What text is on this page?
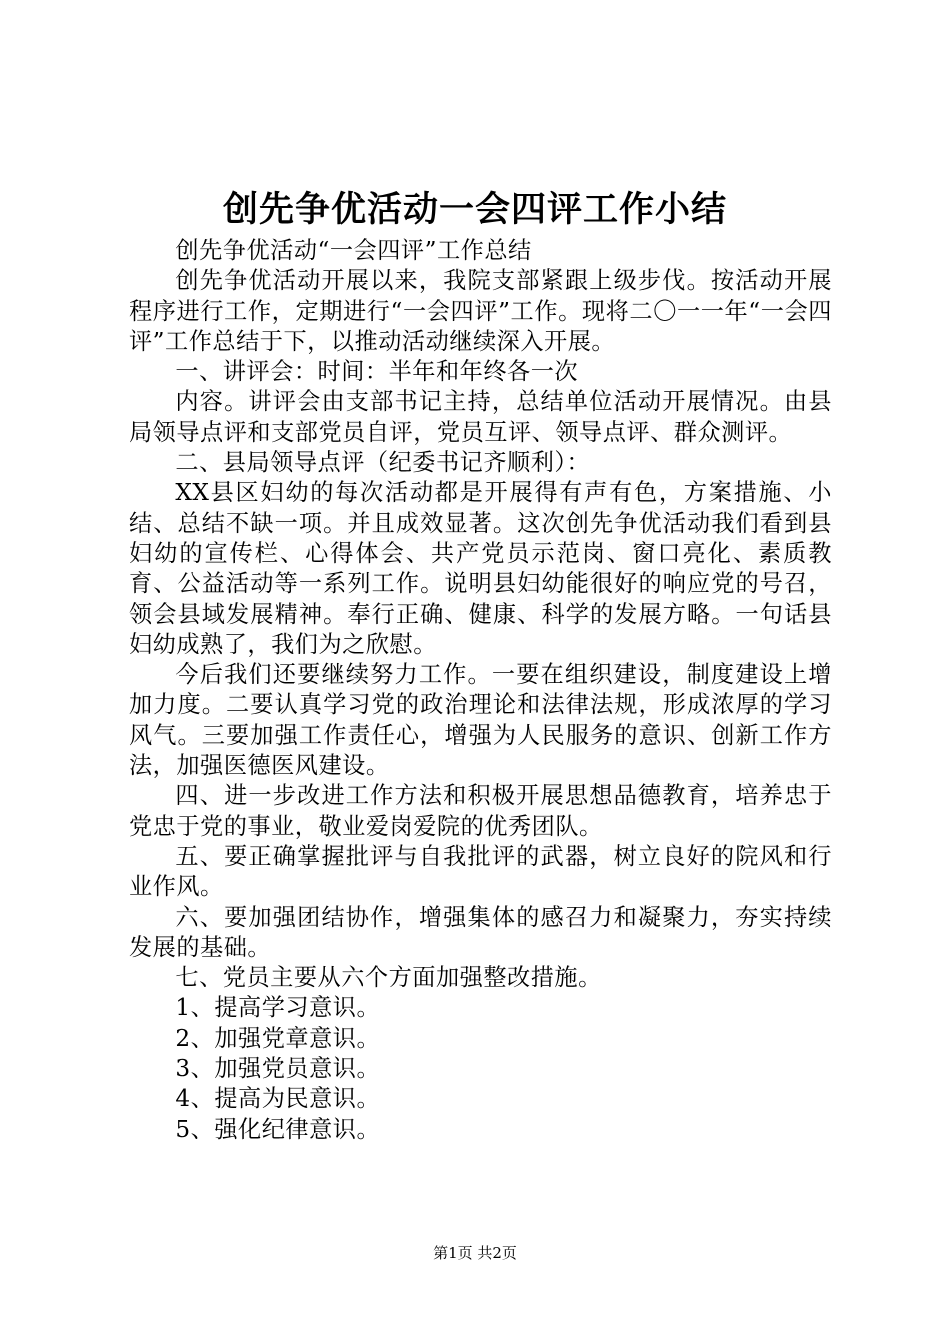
创先争优活动一会四评工作小结

创先争优活动“一会四评”工作总结

创先争优活动开展以来，我院支部紧跟上级步伐。按活动开展程序进行工作，定期进行“一会四评”工作。现将二〇一一年“一会四评”工作总结于下，以推动活动继续深入开展。

一、讲评会：时间：半年和年终各一次

内容。讲评会由支部书记主持，总结单位活动开展情况。由县局领导点评和支部党员自评，党员互评、领导点评、群众测评。

二、县局领导点评（纪委书记齐顺利）：

XX县区妇幼的每次活动都是开展得有声有色，方案措施、小结、总结不缺一项。并且成效显著。这次创先争优活动我们看到县妇幼的宣传栏、心得体会、共产党员示范岗、窗口亮化、素质教育、公益活动等一系列工作。说明县妇幼能很好的响应党的号召，领会县域发展精神。奉行正确、健康、科学的发展方略。一句话县妇幼成熟了，我们为之欣慰。

今后我们还要继续努力工作。一要在组织建设，制度建设上增加力度。二要认真学习党的政治理论和法律法规，形成浓厚的学习风气。三要加强工作责任心，增强为人民服务的意识、创新工作方法，加强医德医风建设。

四、进一步改进工作方法和积极开展思想品德教育，培养忠于党忠于党的事业，敬业爱岗爱院的优秀团队。

五、要正确掌握批评与自我批评的武器，树立良好的院风和行业作风。

六、要加强团结协作，增强集体的感召力和凝聚力，夯实持续发展的基础。

七、党员主要从六个方面加强整改措施。

1、提高学习意识。

2、加强党章意识。

3、加强党员意识。

4、提高为民意识。

5、强化纪律意识。

第1页 共2页
